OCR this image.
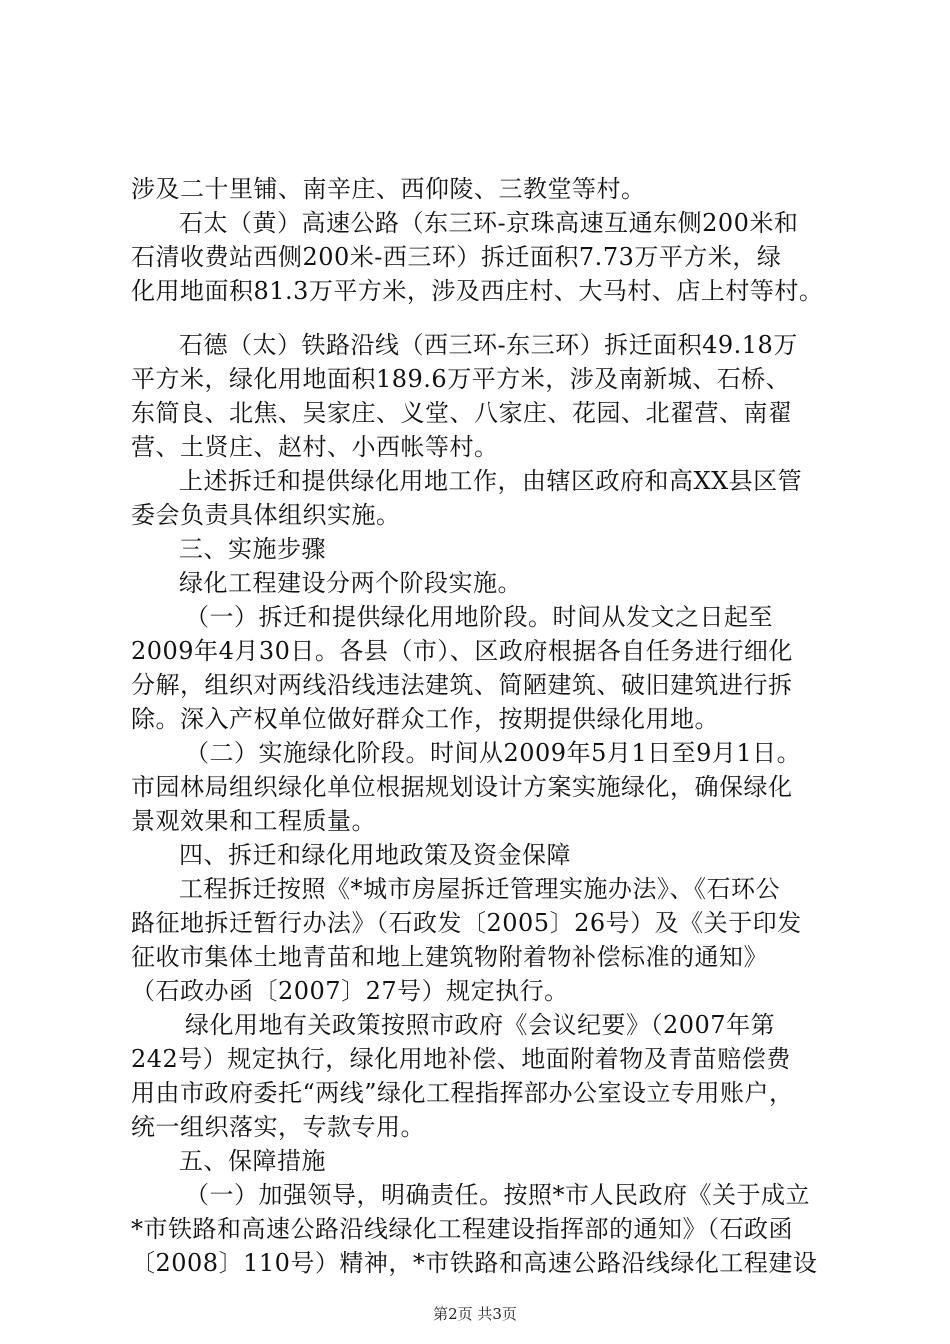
涉及二十里铺、南辛庄、西仰陵、三教堂等村。
石太（黄）高速公路（东三环-京珠高速互通东侧200米和
石清收费站西侧200米-西三环）拆迁面积7.73万平方米，绿
化用地面积81.3万平方米，涉及西庄村、大马村、店上村等村。
石德（太）铁路沿线（西三环-东三环）拆迁面积49.18万
平方米，绿化用地面积189.6万平方米，涉及南新城、石桥、
东简良、北焦、吴家庄、义堂、八家庄、花园、北翟营、南翟
营、土贤庄、赵村、小西帐等村。
上述拆迁和提供绿化用地工作，由辖区政府和高XX县区管
委会负责具体组织实施。
三、实施步骤
绿化工程建设分两个阶段实施。
（一）拆迁和提供绿化用地阶段。时间从发文之日起至
2009年4月30日。各县（市）、区政府根据各自任务进行细化
分解，组织对两线沿线违法建筑、简陋建筑、破旧建筑进行拆
除。深入产权单位做好群众工作，按期提供绿化用地。
（二）实施绿化阶段。时间从2009年5月1日至9月1日。
市园林局组织绿化单位根据规划设计方案实施绿化，确保绿化
景观效果和工程质量。
四、拆迁和绿化用地政策及资金保障
工程拆迁按照《*城市房屋拆迁管理实施办法》、《石环公
路征地拆迁暂行办法》（石政发〔2005〕26号）及《关于印发
征收市集体土地青苗和地上建筑物附着物补偿标准的通知》
（石政办函〔2007〕27号）规定执行。
绿化用地有关政策按照市政府《会议纪要》（2007年第
242号）规定执行，绿化用地补偿、地面附着物及青苗赔偿费
用由市政府委托“两线”绿化工程指挥部办公室设立专用账户，
统一组织落实，专款专用。
五、保障措施
（一）加强领导，明确责任。按照*市人民政府《关于成立
*市铁路和高速公路沿线绿化工程建设指挥部的通知》（石政函
〔2008〕110号）精神，*市铁路和高速公路沿线绿化工程建设
第2页 共3页
